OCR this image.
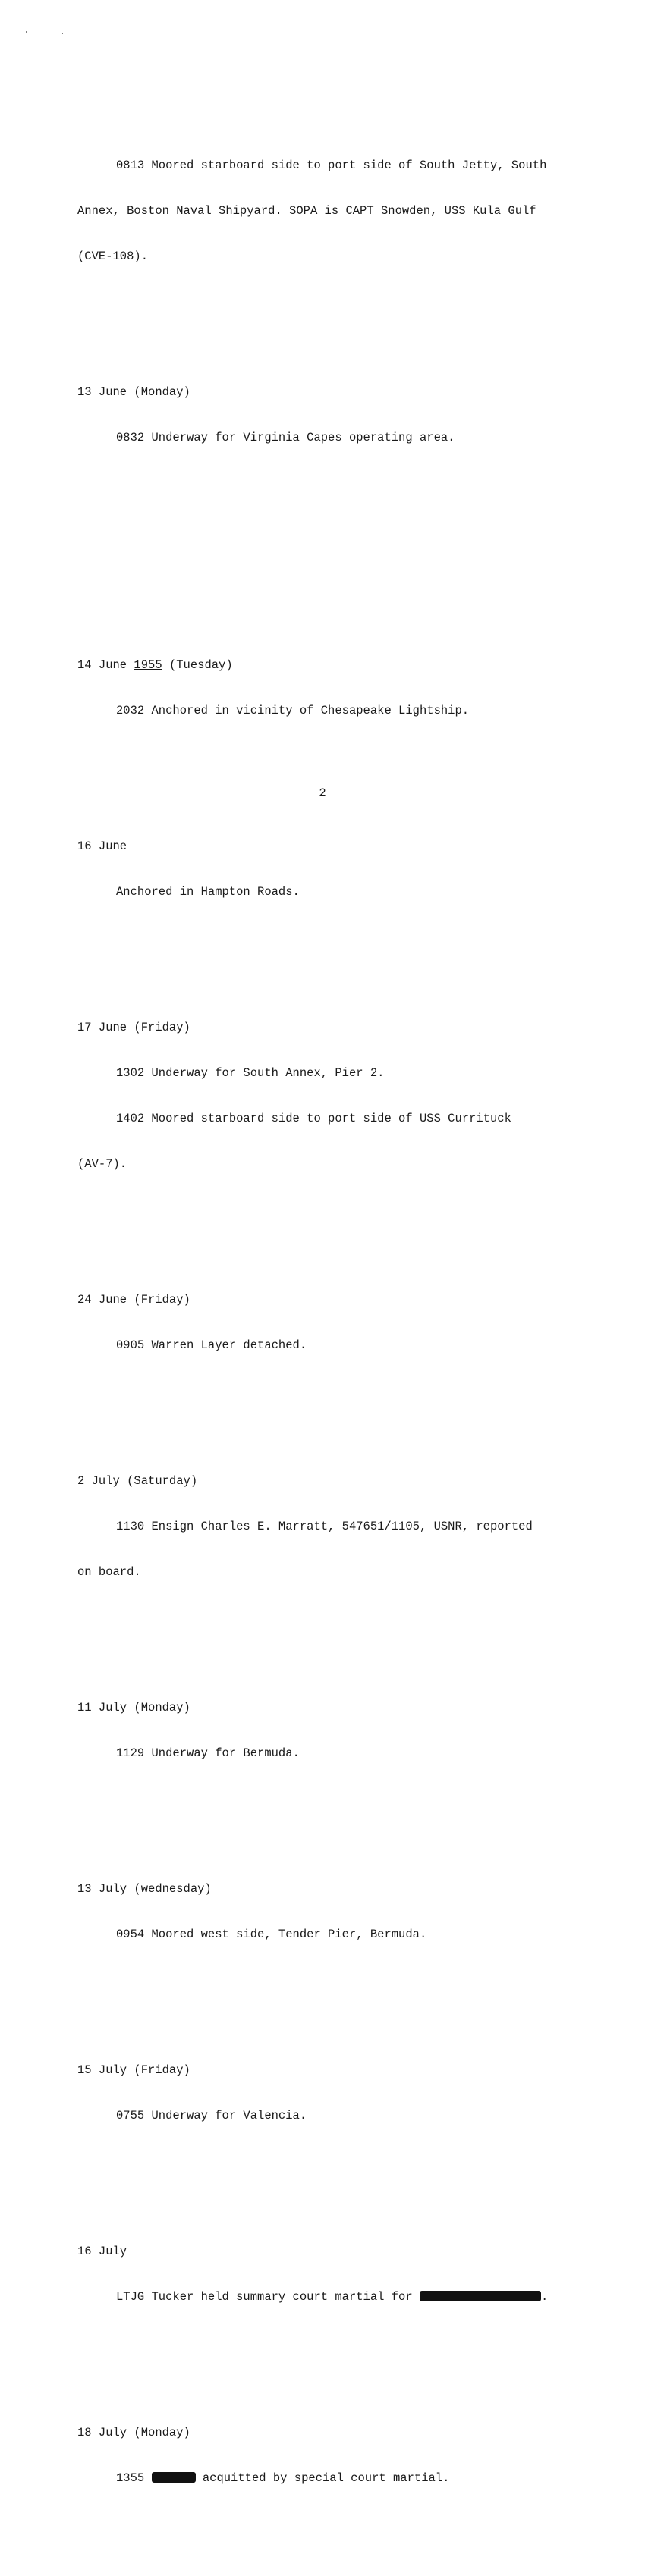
0813 Moored starboard side to port side of South Jetty, South

Annex, Boston Naval Shipyard. SOPA is CAPT Snowden, USS Kula Gulf

(CVE-108).

13 June (Monday)

0832 Underway for Virginia Capes operating area.

14 June 1955 (Tuesday)

2032 Anchored in vicinity of Chesapeake Lightship.

16 June

Anchored in Hampton Roads.

17 June (Friday)

1302 Underway for South Annex, Pier 2.

1402 Moored starboard side to port side of USS Currituck

(AV-7).

24 June (Friday)

0905 Warren Layer detached.

2 July (Saturday)

1130 Ensign Charles E. Marratt, 547651/1105, USNR, reported

on board.

11 July (Monday)

1129 Underway for Bermuda.

13 July (wednesday)

0954 Moored west side, Tender Pier, Bermuda.

15 July (Friday)

0755 Underway for Valencia.

16 July

LTJG Tucker held summary court martial for	.

18 July (Monday)

1355	acquitted by special court martial.

2
